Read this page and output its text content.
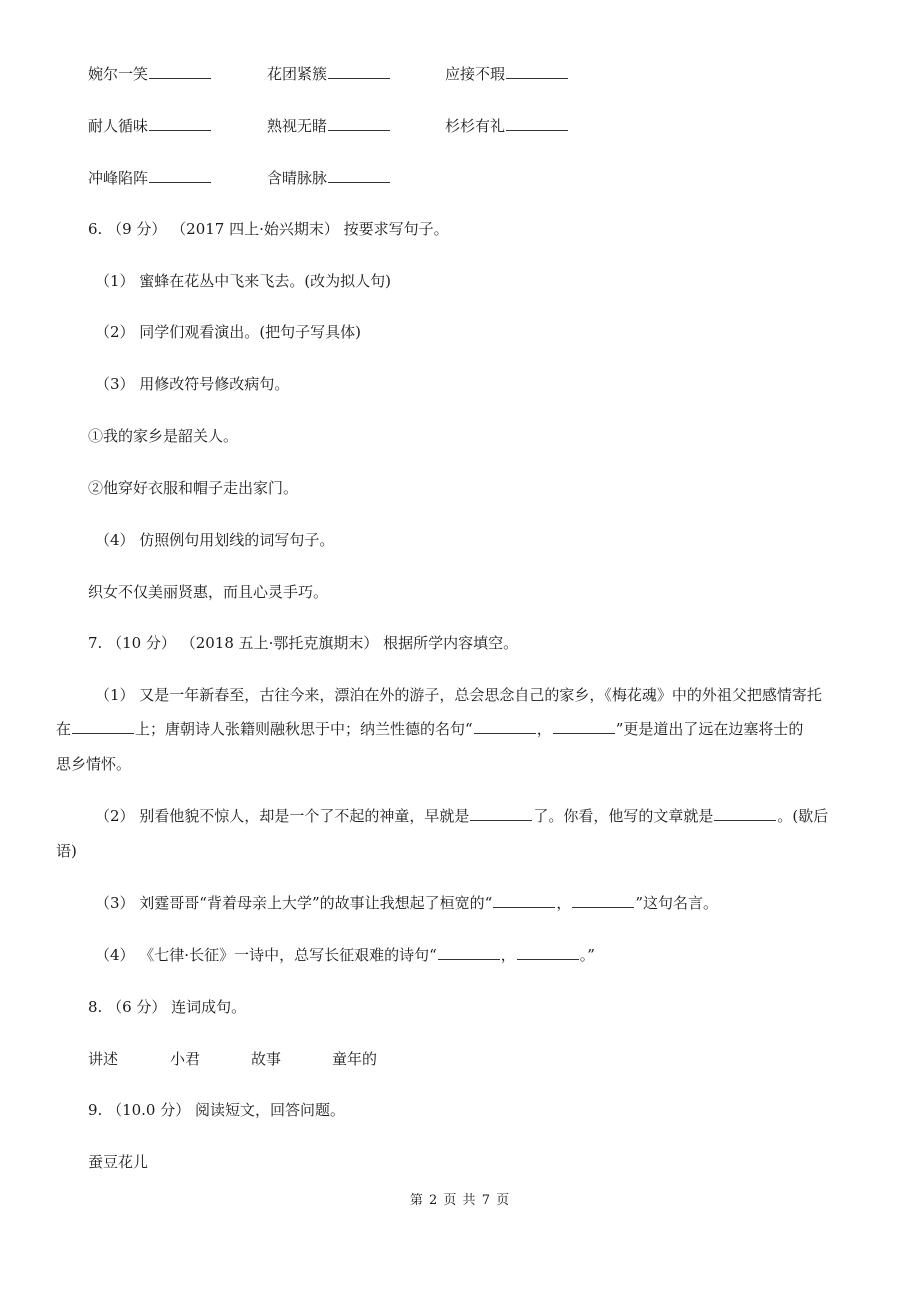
婉尔一笑	花团紧簇	应接不瑕
耐人循味	熟视无睹	杉杉有礼
冲峰陷阵	含晴脉脉
6. （9 分） （2017 四上·始兴期末） 按要求写句子。
（1） 蜜蜂在花丛中飞来飞去。(改为拟人句)
（2） 同学们观看演出。(把句子写具体)
（3） 用修改符号修改病句。
①我的家乡是韶关人。
②他穿好衣服和帽子走出家门。
（4） 仿照例句用划线的词写句子。
织女不仅美丽贤惠，而且心灵手巧。
7. （10 分） （2018 五上·鄂托克旗期末） 根据所学内容填空。
（1） 又是一年新春至，古往今来，漂泊在外的游子，总会思念自己的家乡，《梅花魂》中的外祖父把感情寄托
在	上；唐朝诗人张籍则融秋思于中；纳兰性德的名句“	，	”更是道出了远在边塞将士的
思乡情怀。
（2） 别看他貌不惊人，却是一个了不起的神童，早就是	了。你看，他写的文章就是	。(歇后
语)
（3） 刘霆哥哥“背着母亲上大学”的故事让我想起了桓宽的“	，	”这句名言。
（4） 《七律·长征》一诗中，总写长征艰难的诗句“	，	。”
8. （6 分） 连词成句。
讲述	小君	故事	童年的
9. （10.0 分） 阅读短文，回答问题。
蚕豆花儿
第 2 页 共 7 页
